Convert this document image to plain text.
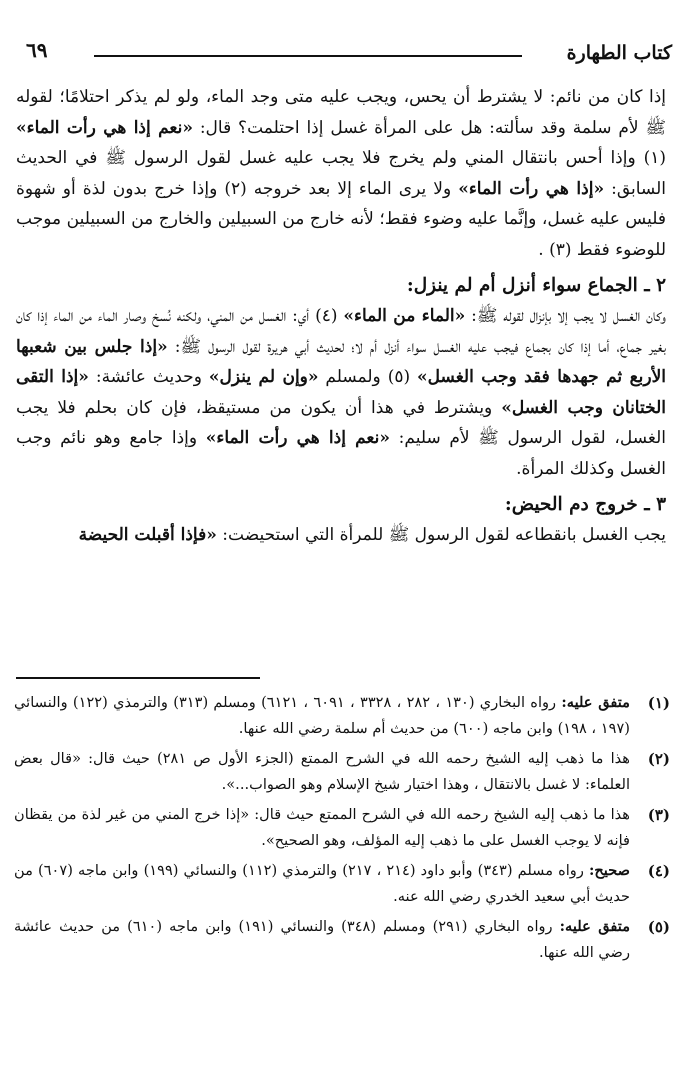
٦٩	كتاب الطهارة

إذا كان من نائم: لا يشترط أن يحس، ويجب عليه متى وجد الماء، ولو لم يذكر احتلامًا؛ لقوله ﷺ لأم سلمة وقد سألته: هل على المرأة غسل إذا احتلمت؟ قال: «نعم إذا هي رأت الماء» (١) وإذا أحس بانتقال المني ولم يخرج فلا يجب عليه غسل لقول الرسول ﷺ في الحديث السابق: «إذا هي رأت الماء» ولا يرى الماء إلا بعد خروجه (٢) وإذا خرج بدون لذة أو شهوة فليس عليه غسل، وإنَّما عليه وضوء فقط؛ لأنه خارج من السبيلين والخارج من السبيلين موجب للوضوء فقط (٣) .

٢ ـ الجماع سواء أنزل أم لم ينزل:

وكان الغسل لا يجب إلا بإنزال لقوله ﷺ: «الماء من الماء» (٤) أي: الغسل من المني، ولكنه نُسخ وصار الماء من الماء إذا كان بغير جماع، أما إذا كان بجماع فيجب عليه الغسل سواء أنزل أم لا؛ لحديث أبي هريرة لقول الرسول ﷺ: «إذا جلس بين شعبها الأربع ثم جهدها فقد وجب الغسل» (٥) ولمسلم «وإن لم ينزل» وحديث عائشة: «إذا التقى الختانان وجب الغسل» ويشترط في هذا أن يكون من مستيقظ، فإن كان بحلم فلا يجب الغسل، لقول الرسول ﷺ لأم سليم: «نعم إذا هي رأت الماء» وإذا جامع وهو نائم وجب الغسل وكذلك المرأة.

٣ ـ خروج دم الحيض:

يجب الغسل بانقطاعه لقول الرسول ﷺ للمرأة التي استحيضت: «فإذا أقبلت الحيضة

(١)
متفق عليه: رواه البخاري (١٣٠ ، ٢٨٢ ، ٣٣٢٨ ، ٦٠٩١ ، ٦١٢١) ومسلم (٣١٣) والترمذي (١٢٢) والنسائي (١٩٧ ، ١٩٨) وابن ماجه (٦٠٠) من حديث أم سلمة رضي الله عنها.
(٢)
هذا ما ذهب إليه الشيخ رحمه الله في الشرح الممتع (الجزء الأول ص ٢٨١) حيث قال: «قال بعض العلماء: لا غسل بالانتقال ، وهذا اختيار شيخ الإسلام وهو الصواب...».
(٣)
هذا ما ذهب إليه الشيخ رحمه الله في الشرح الممتع حيث قال: «إذا خرج المني من غير لذة من يقظان فإنه لا يوجب الغسل على ما ذهب إليه المؤلف، وهو الصحيح».
(٤)
صحيح: رواه مسلم (٣٤٣) وأبو داود (٢١٤ ، ٢١٧) والترمذي (١١٢) والنسائي (١٩٩) وابن ماجه (٦٠٧) من حديث أبي سعيد الخدري رضي الله عنه.
(٥)
متفق عليه: رواه البخاري (٢٩١) ومسلم (٣٤٨) والنسائي (١٩١) وابن ماجه (٦١٠) من حديث عائشة رضي الله عنها.
